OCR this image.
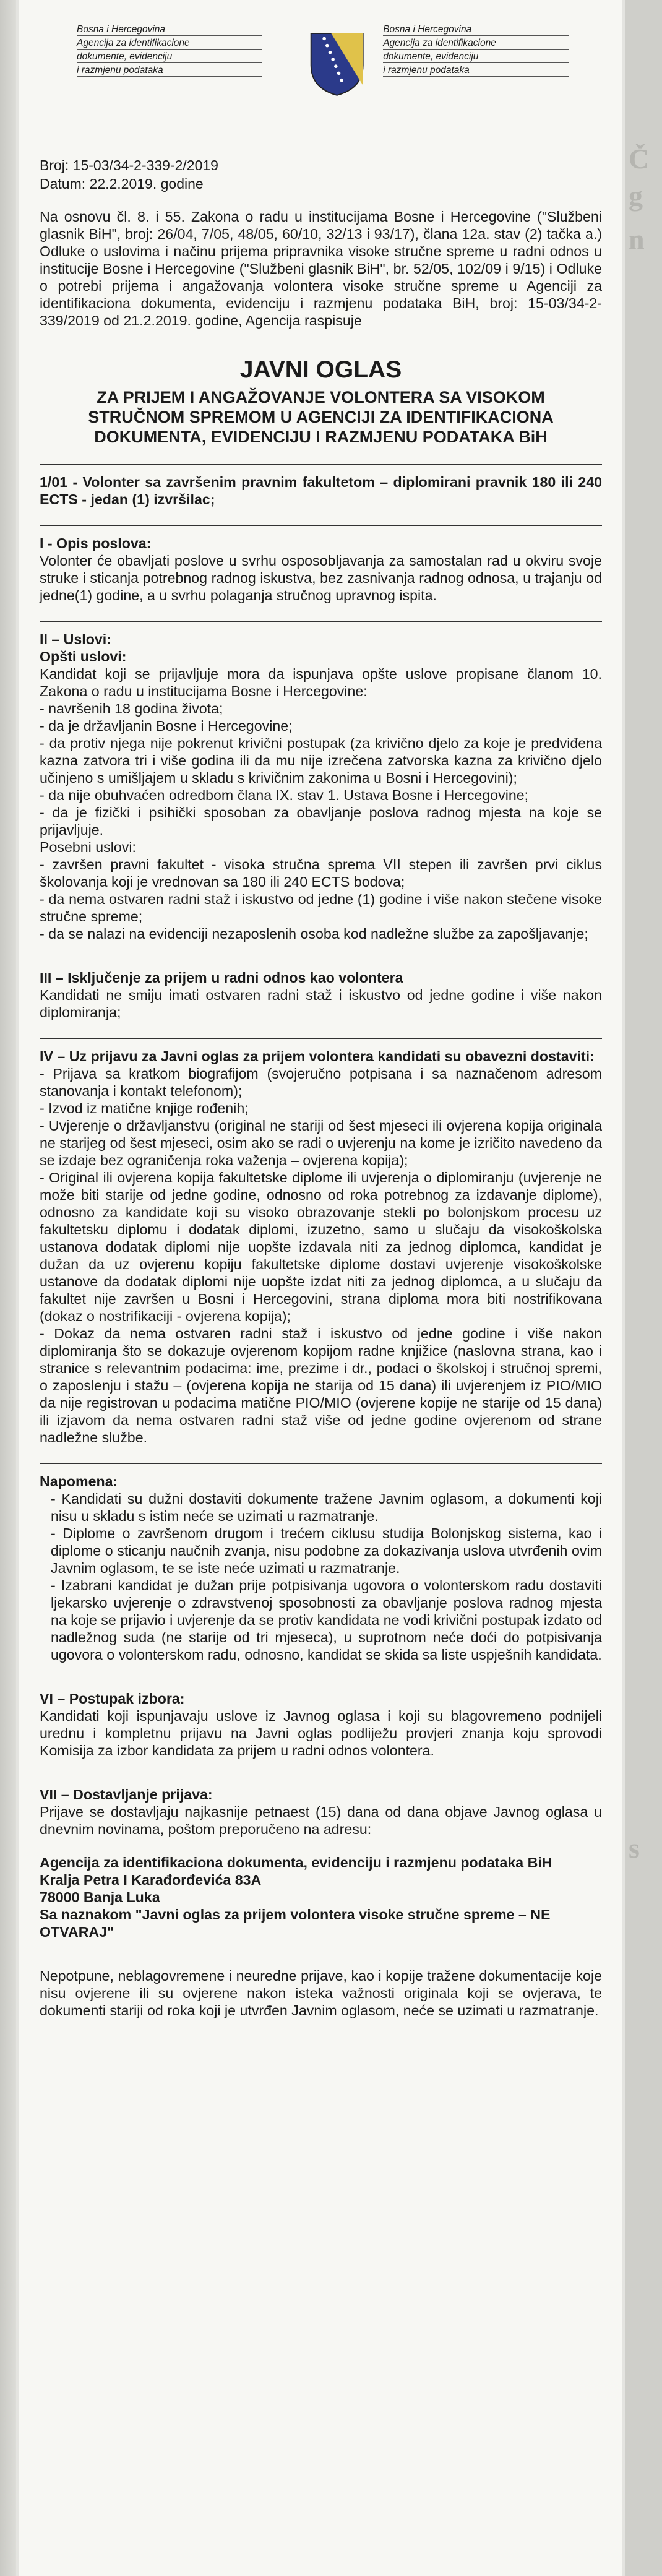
Č
g
n
s
Bosna i Hercegovina
Agencija za identifikacione
dokumente, evidenciju
i razmjenu podataka
Bosna i Hercegovina
Agencija za identifikacione
dokumente, evidenciju
i razmjenu podataka
Broj: 15-03/34-2-339-2/2019
Datum: 22.2.2019. godine

Na osnovu čl. 8. i 55. Zakona o radu u institucijama Bosne i Hercegovine ("Službeni glasnik BiH", broj: 26/04, 7/05, 48/05, 60/10, 32/13 i 93/17), člana 12a. stav (2) tačka a.) Odluke o uslovima i načinu prijema pripravnika visoke stručne spreme u radni odnos u institucije Bosne i Hercegovine ("Službeni glasnik BiH", br. 52/05, 102/09 i 9/15) i Odluke o potrebi prijema i angažovanja volontera visoke stručne spreme u Agenciji za identifikaciona dokumenta, evidenciju i razmjenu podataka BiH, broj: 15-03/34-2-339/2019 od 21.2.2019. godine, Agencija raspisuje

JAVNI OGLAS
ZA PRIJEM I ANGAŽOVANJE VOLONTERA SA VISOKOM STRUČNOM SPREMOM U AGENCIJI ZA IDENTIFIKACIONA DOKUMENTA, EVIDENCIJU I RAZMJENU PODATAKA BiH

1/01 - Volonter sa završenim pravnim fakultetom – diplomirani pravnik 180 ili 240 ECTS - jedan (1) izvršilac;

I - Opis poslova:

Volonter će obavljati poslove u svrhu osposobljavanja za samostalan rad u okviru svoje struke i sticanja potrebnog radnog iskustva, bez zasnivanja radnog odnosa, u trajanju od jedne(1) godine, a u svrhu polaganja stručnog upravnog ispita.

II – Uslovi:
Opšti uslovi:

Kandidat koji se prijavljuje mora da ispunjava opšte uslove propisane članom 10. Zakona o radu u institucijama Bosne i Hercegovine:

- navršenih 18 godina života;

- da je državljanin Bosne i Hercegovine;

- da protiv njega nije pokrenut krivični postupak (za krivično djelo za koje je predviđena kazna zatvora tri i više godina ili da mu nije izrečena zatvorska kazna za krivično djelo učinjeno s umišljajem u skladu s krivičnim zakonima u Bosni i Hercegovini);

- da nije obuhvaćen odredbom člana IX. stav 1. Ustava Bosne i Hercegovine;

- da je fizički i psihički sposoban za obavljanje poslova radnog mjesta na koje se prijavljuje.

Posebni uslovi:

- završen pravni fakultet - visoka stručna sprema VII stepen ili završen prvi ciklus školovanja koji je vrednovan sa 180 ili 240 ECTS bodova;

- da nema ostvaren radni staž i iskustvo od jedne (1) godine i više nakon stečene visoke stručne spreme;

- da se nalazi na evidenciji nezaposlenih osoba kod nadležne službe za zapošljavanje;

III – Isključenje za prijem u radni odnos kao volontera

Kandidati ne smiju imati ostvaren radni staž i iskustvo od jedne godine i više nakon diplomiranja;

IV – Uz prijavu za Javni oglas za prijem volontera kandidati su obavezni dostaviti:

- Prijava sa kratkom biografijom (svojeručno potpisana i sa naznačenom adresom stanovanja i kontakt telefonom);

- Izvod iz matične knjige rođenih;

- Uvjerenje o državljanstvu (original ne stariji od šest mjeseci ili ovjerena kopija originala ne starijeg od šest mjeseci, osim ako se radi o uvjerenju na kome je izričito navedeno da se izdaje bez ograničenja roka važenja – ovjerena kopija);

- Original ili ovjerena kopija fakultetske diplome ili uvjerenja o diplomiranju (uvjerenje ne može biti starije od jedne godine, odnosno od roka potrebnog za izdavanje diplome), odnosno za kandidate koji su visoko obrazovanje stekli po bolonjskom procesu uz fakultetsku diplomu i dodatak diplomi, izuzetno, samo u slučaju da visokoškolska ustanova dodatak diplomi nije uopšte izdavala niti za jednog diplomca, kandidat je dužan da uz ovjerenu kopiju fakultetske diplome dostavi uvjerenje visokoškolske ustanove da dodatak diplomi nije uopšte izdat niti za jednog diplomca, a u slučaju da fakultet nije završen u Bosni i Hercegovini, strana diploma mora biti nostrifikovana (dokaz o nostrifikaciji - ovjerena kopija);

- Dokaz da nema ostvaren radni staž i iskustvo od jedne godine i više nakon diplomiranja što se dokazuje ovjerenom kopijom radne knjižice (naslovna strana, kao i stranice s relevantnim podacima: ime, prezime i dr., podaci o školskoj i stručnoj spremi, o zaposlenju i stažu – (ovjerena kopija ne starija od 15 dana) ili uvjerenjem iz PIO/MIO da nije registrovan u podacima matične PIO/MIO (ovjerene kopije ne starije od 15 dana) ili izjavom da nema ostvaren radni staž više od jedne godine ovjerenom od strane nadležne službe.

Napomena:

- Kandidati su dužni dostaviti dokumente tražene Javnim oglasom, a dokumenti koji nisu u skladu s istim neće se uzimati u razmatranje.

- Diplome o završenom drugom i trećem ciklusu studija Bolonjskog sistema, kao i diplome o sticanju naučnih zvanja, nisu podobne za dokazivanja uslova utvrđenih ovim Javnim oglasom, te se iste neće uzimati u razmatranje.

- Izabrani kandidat je dužan prije potpisivanja ugovora o volonterskom radu dostaviti ljekarsko uvjerenje o zdravstvenoj sposobnosti za obavljanje poslova radnog mjesta na koje se prijavio i uvjerenje da se protiv kandidata ne vodi krivični postupak izdato od nadležnog suda (ne starije od tri mjeseca), u suprotnom neće doći do potpisivanja ugovora o volonterskom radu, odnosno, kandidat se skida sa liste uspješnih kandidata.

VI – Postupak izbora:

Kandidati koji ispunjavaju uslove iz Javnog oglasa i koji su blagovremeno podnijeli urednu i kompletnu prijavu na Javni oglas podliježu provjeri znanja koju sprovodi Komisija za izbor kandidata za prijem u radni odnos volontera.

VII – Dostavljanje prijava:

Prijave se dostavljaju najkasnije petnaest (15) dana od dana objave Javnog oglasa u dnevnim novinama, poštom preporučeno na adresu:

Agencija za identifikaciona dokumenta, evidenciju i razmjenu podataka BiH
Kralja Petra I Karađorđevića 83A
78000 Banja Luka
Sa naznakom "Javni oglas za prijem volontera visoke stručne spreme – NE OTVARAJ"

Nepotpune, neblagovremene i neuredne prijave, kao i kopije tražene dokumentacije koje nisu ovjerene ili su ovjerene nakon isteka važnosti originala koji se ovjerava, te dokumenti stariji od roka koji je utvrđen Javnim oglasom, neće se uzimati u razmatranje.
